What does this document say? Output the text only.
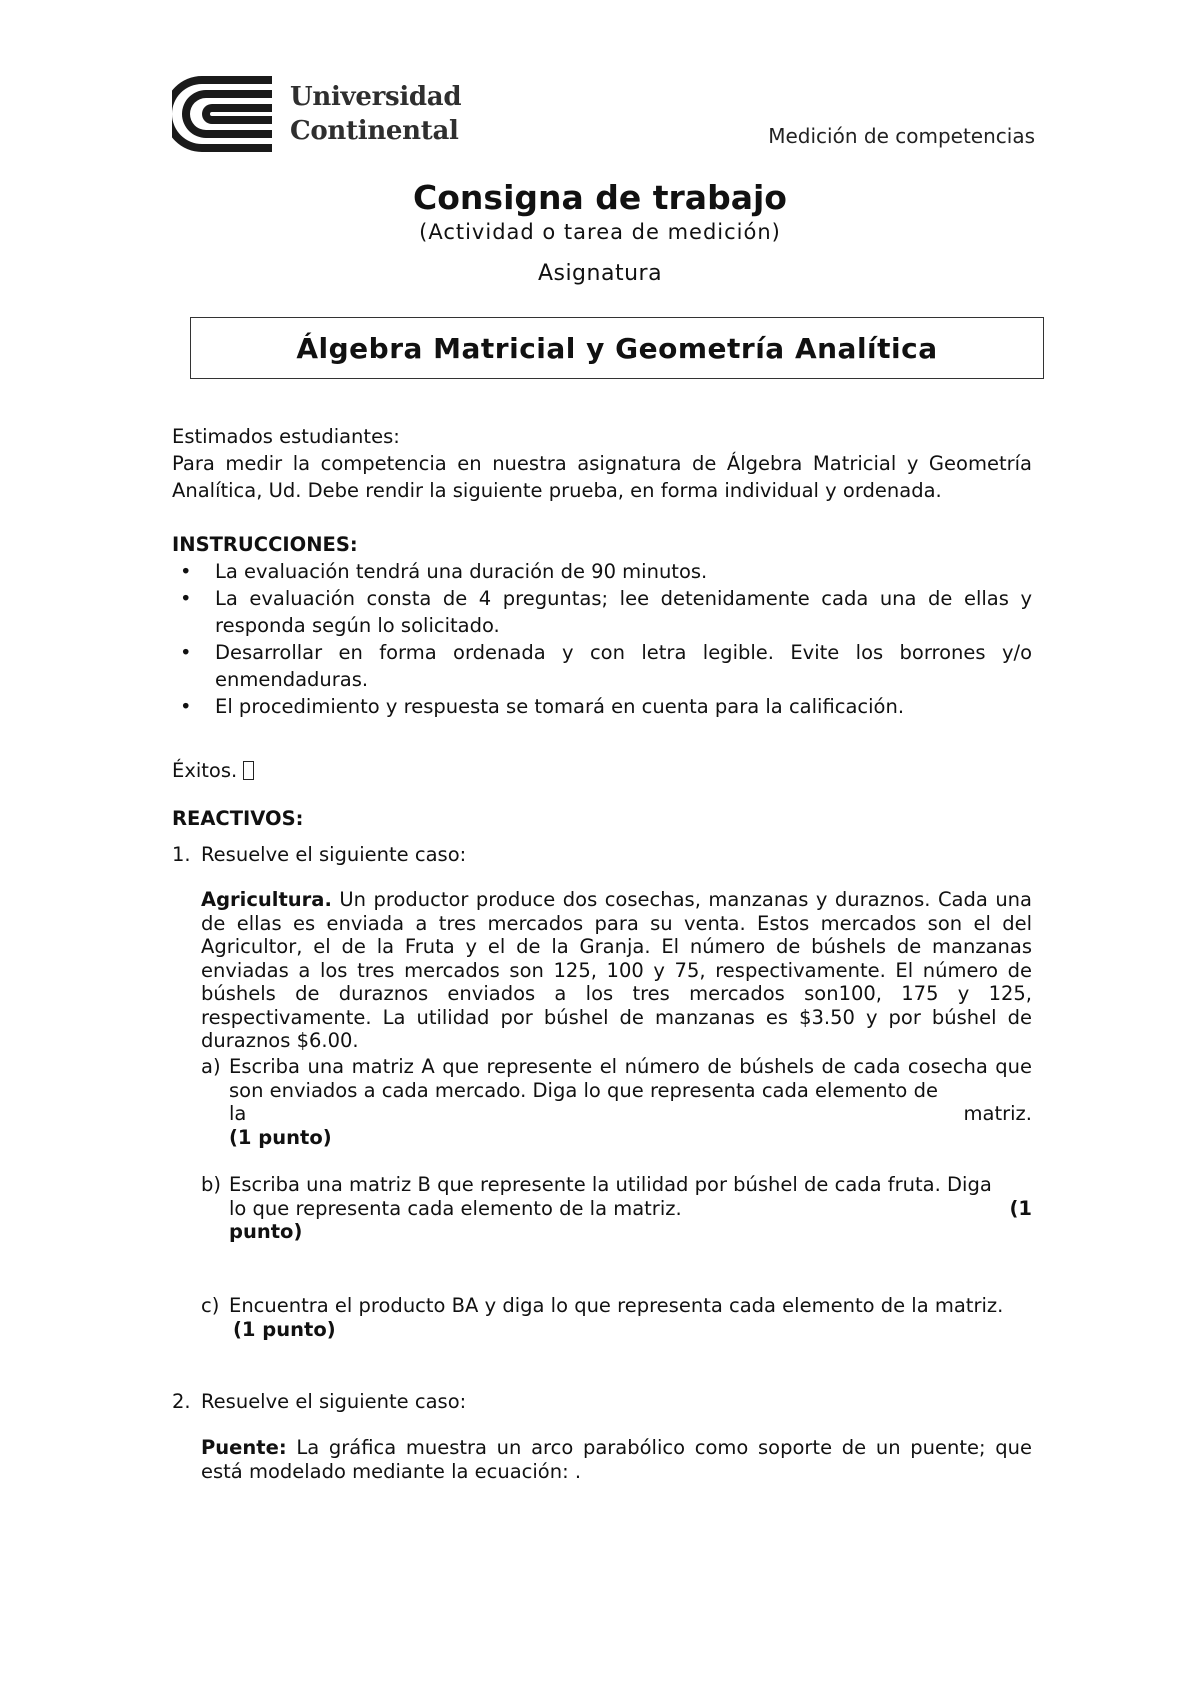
Universidad
Continental	Medición de competencias
Consigna de trabajo
(Actividad o tarea de medición)
Asignatura
Álgebra Matricial y Geometría Analítica
Estimados estudiantes:
Para medir la competencia en nuestra asignatura de Álgebra Matricial y Geometría Analítica, Ud. Debe rendir la siguiente prueba, en forma individual y ordenada.
INSTRUCCIONES:
• La evaluación tendrá una duración de 90 minutos.
• La evaluación consta de 4 preguntas; lee detenidamente cada una de ellas y responda según lo solicitado.
• Desarrollar en forma ordenada y con letra legible. Evite los borrones y/o enmendaduras.
• El procedimiento y respuesta se tomará en cuenta para la calificación.
Éxitos.
REACTIVOS:
1. Resuelve el siguiente caso:
Agricultura. Un productor produce dos cosechas, manzanas y duraznos. Cada una de ellas es enviada a tres mercados para su venta. Estos mercados son el del Agricultor, el de la Fruta y el de la Granja. El número de búshels de manzanas enviadas a los tres mercados son 125, 100 y 75, respectivamente. El número de búshels de duraznos enviados a los tres mercados son100, 175 y 125, respectivamente. La utilidad por búshel de manzanas es $3.50 y por búshel de duraznos $6.00.
a) Escriba una matriz A que represente el número de búshels de cada cosecha que son enviados a cada mercado. Diga lo que representa cada elemento de
la	matriz.
(1 punto)
b) Escriba una matriz B que represente la utilidad por búshel de cada fruta. Diga
lo que representa cada elemento de la matriz.	(1
punto)
c) Encuentra el producto BA y diga lo que representa cada elemento de la matriz.
(1 punto)
2. Resuelve el siguiente caso:
Puente: La gráfica muestra un arco parabólico como soporte de un puente; que está modelado mediante la ecuación: .
